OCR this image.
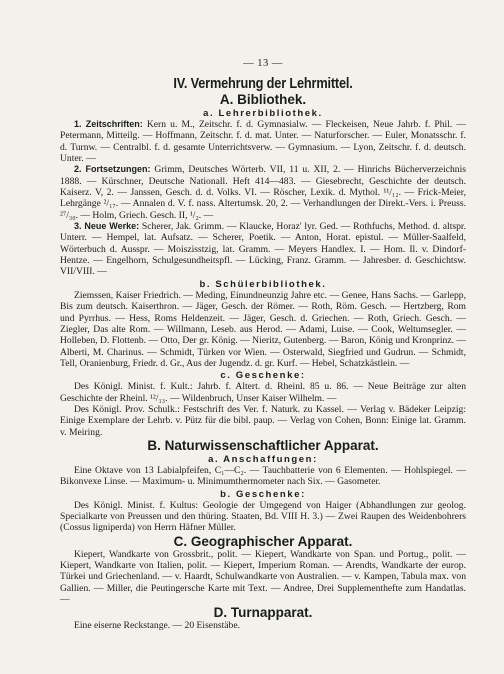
— 13 —
IV. Vermehrung der Lehrmittel.
A. Bibliothek.
a. Lehrerbibliothek.

1. Zeitschriften: Kern u. M., Zeitschr. f. d. Gymnasialw. — Fleckeisen, Neue Jahrb. f. Phil. — Petermann, Mitteilg. — Hoffmann, Zeitschr. f. d. mat. Unter. — Naturforscher. — Euler, Monatsschr. f. d. Turnw. — Centralbl. f. d. gesamte Unterrichtsverw. — Gymnasium. — Lyon, Zeitschr. f. d. deutsch. Unter. —

2. Fortsetzungen: Grimm, Deutsches Wörterb. VII, 11 u. XII, 2. — Hinrichs Bücherverzeichnis 1888. — Kürschner, Deutsche Nationall. Heft 414—483. — Giesebrecht, Geschichte der deutsch. Kaiserz. V, 2. — Janssen, Gesch. d. d. Volks. VI. — Röscher, Lexik. d. Mythol. ¹¹/₁₂. — Frick-Meier, Lehrgänge ²/₁₇. — Annalen d. V. f. nass. Altertumsk. 20, 2. — Verhandlungen der Direkt.-Vers. i. Preuss. ²⁷/₃₀. — Holm, Griech. Gesch. II, ¹/₂. —

3. Neue Werke: Scherer, Jak. Grimm. — Klaucke, Horaz' lyr. Ged. — Rothfuchs, Method. d. altspr. Unterr. — Hempel, lat. Aufsatz. — Scherer, Poetik. — Anton, Horat. epistul. — Müller-Saalfeld, Wörterbuch d. Ausspr. — Moiszisstzig, lat. Gramm. — Meyers Handlex. I. — Hom. Il. v. Dindorf-Hentze. — Engelhorn, Schulgesundheitspfl. — Lücking, Franz. Gramm. — Jahresber. d. Geschichtsw. VII/VIII. —

b. Schülerbibliothek.

Ziemssen, Kaiser Friedrich. — Meding, Einundneunzig Jahre etc. — Genee, Hans Sachs. — Garlepp, Bis zum deutsch. Kaiserthron. — Jäger, Gesch. der Römer. — Roth, Röm. Gesch. — Hertzberg, Rom und Pyrrhus. — Hess, Roms Heldenzeit. — Jäger, Gesch. d. Griechen. — Roth, Griech. Gesch. — Ziegler, Das alte Rom. — Willmann, Leseb. aus Herod. — Adami, Luise. — Cook, Weltumsegler. — Holleben, D. Flottenb. — Otto, Der gr. König. — Nieritz, Gutenberg. — Baron, König und Kronprinz. — Alberti, M. Charinus. — Schmidt, Türken vor Wien. — Osterwald, Siegfried und Gudrun. — Schmidt, Tell, Oranienburg, Friedr. d. Gr., Aus der Jugendz. d. gr. Kurf. — Hebel, Schatzkästlein. —

c. Geschenke:

Des Königl. Minist. f. Kult.: Jahrb. f. Altert. d. Rheinl. 85 u. 86. — Neue Beiträge zur alten Geschichte der Rheinl. ¹²/₁₃. — Wildenbruch, Unser Kaiser Wilhelm. —

Des Königl. Prov. Schulk.: Festschrift des Ver. f. Naturk. zu Kassel. — Verlag v. Bädeker Leipzig: Einige Exemplare der Lehrb. v. Pütz für die bibl. paup. — Verlag von Cohen, Bonn: Einige lat. Gramm. v. Meiring.

B. Naturwissenschaftlicher Apparat.
a. Anschaffungen:

Eine Oktave von 13 Labialpfeifen, C₁—C₂. — Tauchbatterie von 6 Elementen. — Hohlspiegel. — Bikonvexe Linse. — Maximum- u. Minimumthermometer nach Six. — Gasometer.

b. Geschenke:

Des Königl. Minist. f. Kultus: Geologie der Umgegend von Haiger (Abhandlungen zur geolog. Specialkarte von Preussen und den thüring. Staaten, Bd. VIII H. 3.) — Zwei Raupen des Weidenbohrers (Cossus ligniperda) von Herrn Häfner Müller.

C. Geographischer Apparat.

Kiepert, Wandkarte von Grossbrit., polit. — Kiepert, Wandkarte von Span. und Portug., polit. — Kiepert, Wandkarte von Italien, polit. — Kiepert, Imperium Roman. — Arendts, Wandkarte der europ. Türkei und Griechenland. — v. Haardt, Schulwandkarte von Australien. — v. Kampen, Tabula max. von Gallien. — Miller, die Peutingersche Karte mit Text. — Andree, Drei Supplementhefte zum Handatlas. —

D. Turnapparat.

Eine eiserne Reckstange. — 20 Eisenstäbe.
